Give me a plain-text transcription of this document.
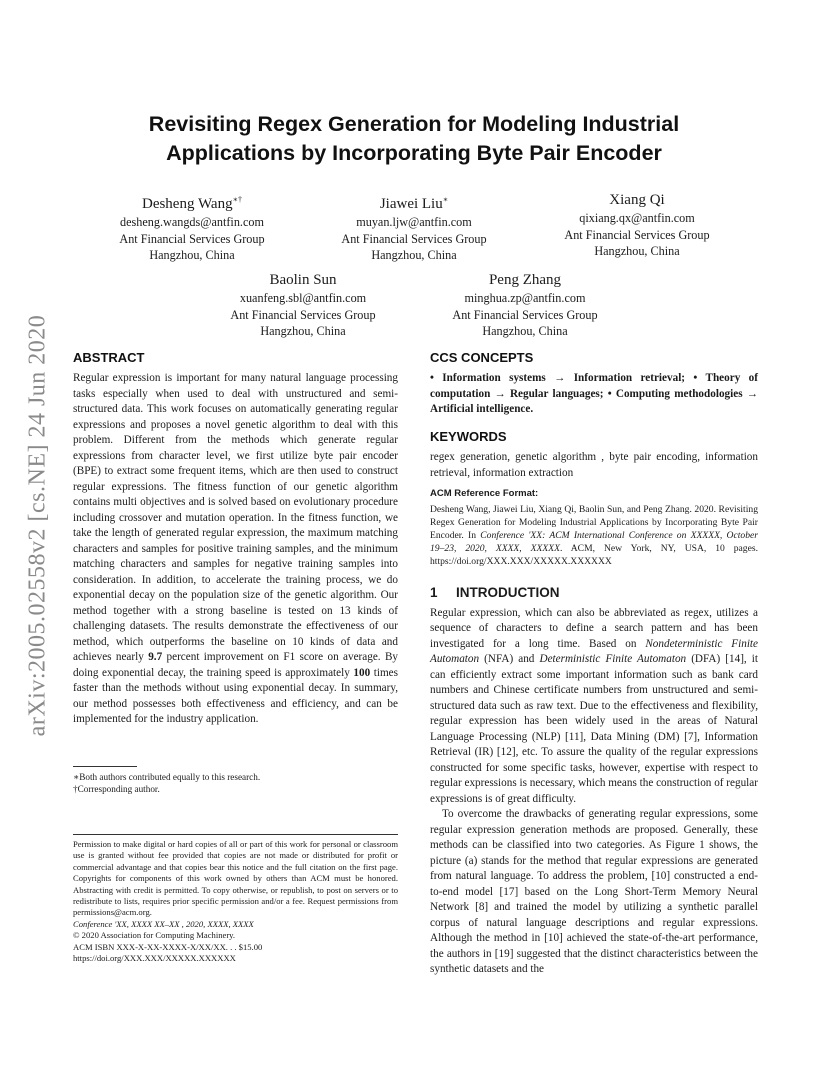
arXiv:2005.02558v2 [cs.NE] 24 Jun 2020
Revisiting Regex Generation for Modeling Industrial
Applications by Incorporating Byte Pair Encoder
Desheng Wang∗†
desheng.wangds@antfin.com
Ant Financial Services Group
Hangzhou, China
Jiawei Liu∗
muyan.ljw@antfin.com
Ant Financial Services Group
Hangzhou, China
Xiang Qi
qixiang.qx@antfin.com
Ant Financial Services Group
Hangzhou, China
Baolin Sun
xuanfeng.sbl@antfin.com
Ant Financial Services Group
Hangzhou, China
Peng Zhang
minghua.zp@antfin.com
Ant Financial Services Group
Hangzhou, China
ABSTRACT

Regular expression is important for many natural language processing tasks especially when used to deal with unstructured and semi-structured data. This work focuses on automatically generating regular expressions and proposes a novel genetic algorithm to deal with this problem. Different from the methods which generate regular expressions from character level, we first utilize byte pair encoder (BPE) to extract some frequent items, which are then used to construct regular expressions. The fitness function of our genetic algorithm contains multi objectives and is solved based on evolutionary procedure including crossover and mutation operation. In the fitness function, we take the length of generated regular expression, the maximum matching characters and samples for positive training samples, and the minimum matching characters and samples for negative training samples into consideration. In addition, to accelerate the training process, we do exponential decay on the population size of the genetic algorithm. Our method together with a strong baseline is tested on 13 kinds of challenging datasets. The results demonstrate the effectiveness of our method, which outperforms the baseline on 10 kinds of data and achieves nearly 9.7 percent improvement on F1 score on average. By doing exponential decay, the training speed is approximately 100 times faster than the methods without using exponential decay. In summary, our method possesses both effectiveness and efficiency, and can be implemented for the industry application.

∗Both authors contributed equally to this research.
†Corresponding author.
Permission to make digital or hard copies of all or part of this work for personal or classroom use is granted without fee provided that copies are not made or distributed for profit or commercial advantage and that copies bear this notice and the full citation on the first page. Copyrights for components of this work owned by others than ACM must be honored. Abstracting with credit is permitted. To copy otherwise, or republish, to post on servers or to redistribute to lists, requires prior specific permission and/or a fee. Request permissions from permissions@acm.org.
Conference 'XX, XXXX XX–XX , 2020, XXXX, XXXX
© 2020 Association for Computing Machinery.
ACM ISBN XXX-X-XX-XXXX-X/XX/XX. . . $15.00
https://doi.org/XXX.XXX/XXXXX.XXXXXX
CCS CONCEPTS

• Information systems → Information retrieval; • Theory of computation → Regular languages; • Computing methodologies → Artificial intelligence.

KEYWORDS

regex generation, genetic algorithm , byte pair encoding, information retrieval, information extraction

ACM Reference Format:

Desheng Wang, Jiawei Liu, Xiang Qi, Baolin Sun, and Peng Zhang. 2020. Revisiting Regex Generation for Modeling Industrial Applications by Incorporating Byte Pair Encoder. In Conference 'XX: ACM International Conference on XXXXX, October 19–23, 2020, XXXX, XXXXX. ACM, New York, NY, USA, 10 pages. https://doi.org/XXX.XXX/XXXXX.XXXXXX

1 INTRODUCTION

Regular expression, which can also be abbreviated as regex, utilizes a sequence of characters to define a search pattern and has been investigated for a long time. Based on Nondeterministic Finite Automaton (NFA) and Deterministic Finite Automaton (DFA) [14], it can efficiently extract some important information such as bank card numbers and Chinese certificate numbers from unstructured and semi-structured data such as raw text. Due to the effectiveness and flexibility, regular expression has been widely used in the areas of Natural Language Processing (NLP) [11], Data Mining (DM) [7], Information Retrieval (IR) [12], etc. To assure the quality of the regular expressions constructed for some specific tasks, however, expertise with respect to regular expressions is necessary, which means the construction of regular expressions is of great difficulty.

To overcome the drawbacks of generating regular expressions, some regular expression generation methods are proposed. Generally, these methods can be classified into two categories. As Figure 1 shows, the picture (a) stands for the method that regular expressions are generated from natural language. To address the problem, [10] constructed a end-to-end model [17] based on the Long Short-Term Memory Neural Network [8] and trained the model by utilizing a synthetic parallel corpus of natural language descriptions and regular expressions. Although the method in [10] achieved the state-of-the-art performance, the authors in [19] suggested that the distinct characteristics between the synthetic datasets and the
